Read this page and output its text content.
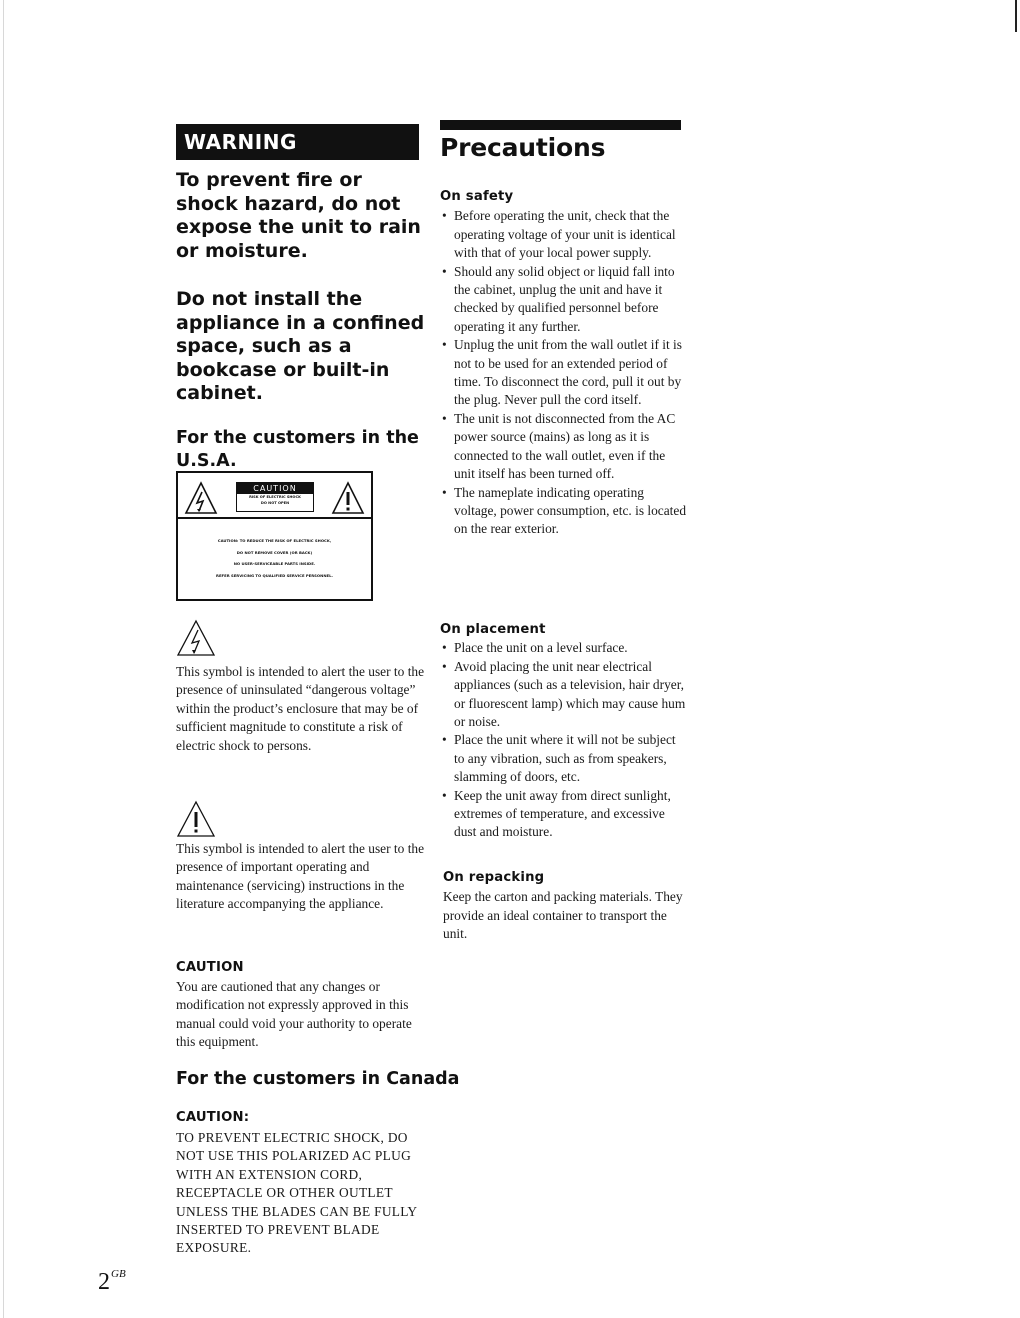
WARNING

To prevent fire or shock hazard, do not expose the unit to rain or moisture.

Do not install the appliance in a confined space, such as a bookcase or built-in cabinet.

For the customers in the U.S.A.

CAUTION
RISK OF ELECTRIC SHOCK
DO NOT OPEN
CAUTION: TO REDUCE THE RISK OF ELECTRIC SHOCK,
DO NOT REMOVE COVER (OR BACK)
NO USER-SERVICEABLE PARTS INSIDE.
REFER SERVICING TO QUALIFIED SERVICE PERSONNEL.

This symbol is intended to alert the user to the presence of uninsulated “dangerous voltage” within the product’s enclosure that may be of sufficient magnitude to constitute a risk of electric shock to persons.

This symbol is intended to alert the user to the presence of important operating and maintenance (servicing) instructions in the literature accompanying the appliance.

CAUTION

You are cautioned that any changes or modification not expressly approved in this manual could void your authority to operate this equipment.

For the customers in Canada

CAUTION:

TO PREVENT ELECTRIC SHOCK, DO NOT USE THIS POLARIZED AC PLUG WITH AN EXTENSION CORD, RECEPTACLE OR OTHER OUTLET UNLESS THE BLADES CAN BE FULLY INSERTED TO PREVENT BLADE EXPOSURE.

Precautions

On safety

• Before operating the unit, check that the operating voltage of your unit is identical with that of your local power supply.
• Should any solid object or liquid fall into the cabinet, unplug the unit and have it checked by qualified personnel before operating it any further.
• Unplug the unit from the wall outlet if it is not to be used for an extended period of time. To disconnect the cord, pull it out by the plug. Never pull the cord itself.
• The unit is not disconnected from the AC power source (mains) as long as it is connected to the wall outlet, even if the unit itself has been turned off.
• The nameplate indicating operating voltage, power consumption, etc. is located on the rear exterior.

On placement

• Place the unit on a level surface.
• Avoid placing the unit near electrical appliances (such as a television, hair dryer, or fluorescent lamp) which may cause hum or noise.
• Place the unit where it will not be subject to any vibration, such as from speakers, slamming of doors, etc.
• Keep the unit away from direct sunlight, extremes of temperature, and excessive dust and moisture.

On repacking

Keep the carton and packing materials. They provide an ideal container to transport the unit.

$2^{GB}$
